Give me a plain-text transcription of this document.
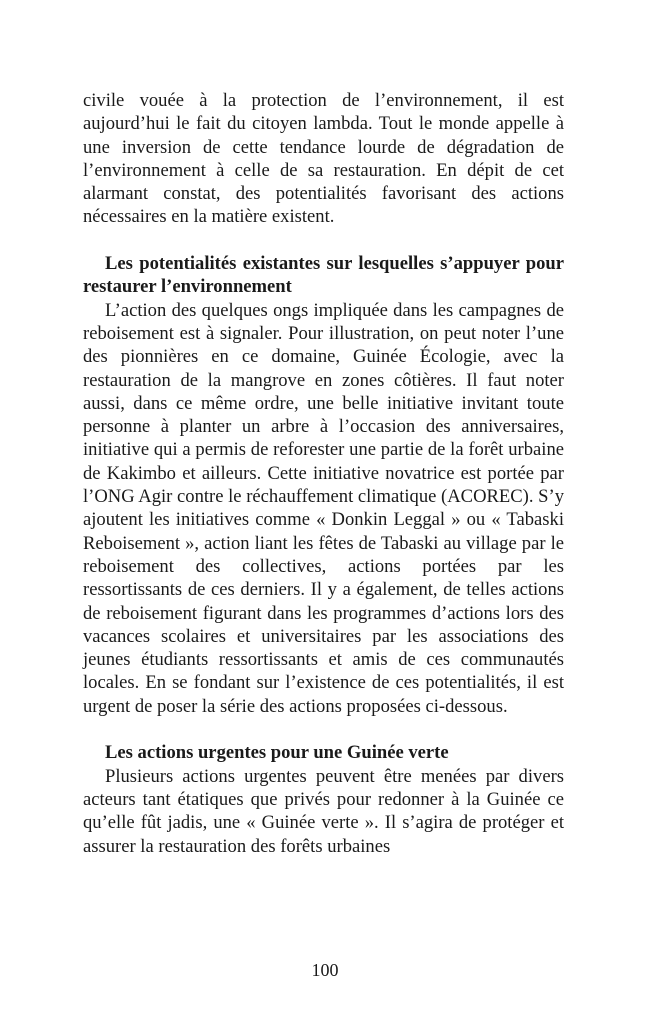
civile vouée à la protection de l’environnement, il est aujourd’hui le fait du citoyen lambda. Tout le monde appelle à une inversion de cette tendance lourde de dégradation de l’environnement à celle de sa restauration. En dépit de cet alarmant constat, des potentialités favorisant des actions nécessaires en la matière existent.

Les potentialités existantes sur lesquelles s’appuyer pour restaurer l’environnement

L’action des quelques ongs impliquée dans les campagnes de reboisement est à signaler. Pour illustration, on peut noter l’une des pionnières en ce domaine, Guinée Écologie, avec la restauration de la mangrove en zones côtières. Il faut noter aussi, dans ce même ordre, une belle initiative invitant toute personne à planter un arbre à l’occasion des anniversaires, initiative qui a permis de reforester une partie de la forêt urbaine de Kakimbo et ailleurs. Cette initiative novatrice est portée par l’ONG Agir contre le réchauffement climatique (ACOREC). S’y ajoutent les initiatives comme « Donkin Leggal » ou « Tabaski Reboisement », action liant les fêtes de Tabaski au village par le reboisement des collectives, actions portées par les ressortissants de ces derniers. Il y a également, de telles actions de reboisement figurant dans les programmes d’actions lors des vacances scolaires et universitaires par les associations des jeunes étudiants ressortissants et amis de ces communautés locales. En se fondant sur l’existence de ces potentialités, il est urgent de poser la série des actions proposées ci-dessous.

Les actions urgentes pour une Guinée verte

Plusieurs actions urgentes peuvent être menées par divers acteurs tant étatiques que privés pour redonner à la Guinée ce qu’elle fût jadis, une « Guinée verte ». Il s’agira de protéger et assurer la restauration des forêts urbaines

100
